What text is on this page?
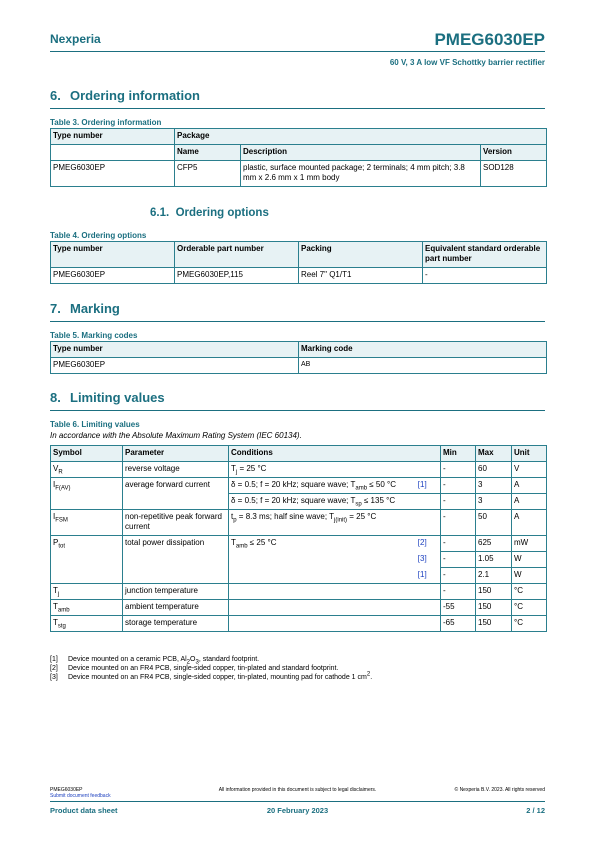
Nexperia	PMEG6030EP
60 V, 3 A low VF Schottky barrier rectifier
6. Ordering information
Table 3. Ordering information
Type number	Package		
	Name	Description	Version
PMEG6030EP	CFP5	plastic, surface mounted package; 2 terminals; 4 mm pitch; 3.8 mm x 2.6 mm x 1 mm body	SOD128
6.1. Ordering options
Table 4. Ordering options
Type number	Orderable part number	Packing	Equivalent standard orderable part number
PMEG6030EP	PMEG6030EP,115	Reel 7" Q1/T1	-
7. Marking
Table 5. Marking codes
Type number	Marking code
PMEG6030EP	AB
8. Limiting values
Table 6. Limiting values
In accordance with the Absolute Maximum Rating System (IEC 60134).
Symbol	Parameter	Conditions		Min	Max	Unit
$V_R$	reverse voltage	$T_j = 25$ °C		-	60	V
$I_{F(AV)}$	average forward current	δ = 0.5; f = 20 kHz; square wave; $T_{amb} \le 50$ °C	[1]	-	3	A
		δ = 0.5; f = 20 kHz; square wave; $T_{sp} \le 135$ °C		-	3	A
$I_{FSM}$	non-repetitive peak forward current	$t_p = 8.3$ ms; half sine wave; $T_{j(init)} = 25$ °C		-	50	A
$P_{tot}$	total power dissipation	$T_{amb} \le 25$ °C	[2]	-	625	mW
			[3]	-	1.05	W
			[1]	-	2.1	W
$T_j$	junction temperature			-	150	°C
$T_{amb}$	ambient temperature			-55	150	°C
$T_{stg}$	storage temperature			-65	150	°C
[1] Device mounted on a ceramic PCB, $Al_2O_3$, standard footprint.
[2] Device mounted on an FR4 PCB, single-sided copper, tin-plated and standard footprint.
[3] Device mounted on an FR4 PCB, single-sided copper, tin-plated, mounting pad for cathode 1 $cm^2$.
PMEG6030EP
Submit document feedback
All information provided in this document is subject to legal disclaimers.	© Nexperia B.V. 2023. All rights reserved
Product data sheet	20 February 2023	2 / 12
